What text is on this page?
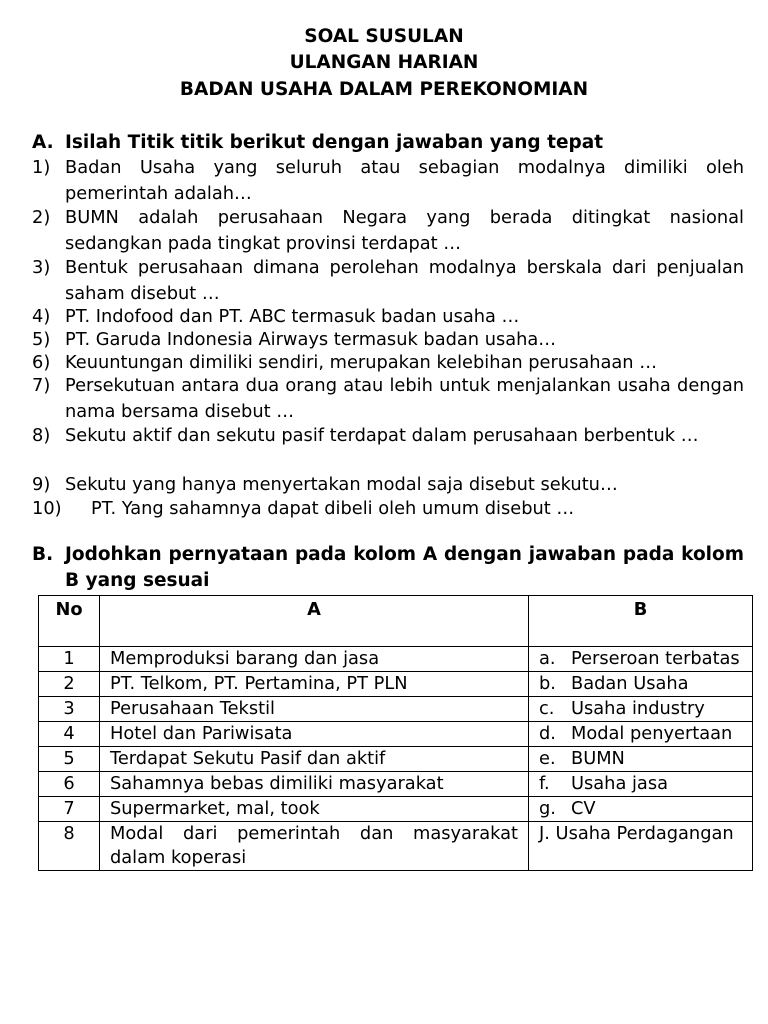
SOAL SUSULAN
ULANGAN HARIAN
BADAN USAHA DALAM PEREKONOMIAN
A. Isilah Titik titik berikut dengan jawaban yang tepat
1) Badan Usaha yang seluruh atau sebagian modalnya dimiliki oleh pemerintah adalah…
2) BUMN adalah perusahaan Negara yang berada ditingkat nasional sedangkan pada tingkat provinsi terdapat …
3) Bentuk perusahaan dimana perolehan modalnya berskala dari penjualan saham disebut …
4) PT. Indofood dan PT. ABC termasuk badan usaha …
5) PT. Garuda Indonesia Airways termasuk badan usaha…
6) Keuuntungan dimiliki sendiri, merupakan kelebihan perusahaan …
7) Persekutuan antara dua orang atau lebih untuk menjalankan usaha dengan nama bersama disebut …
8) Sekutu aktif dan sekutu pasif terdapat dalam perusahaan berbentuk …
9) Sekutu yang hanya menyertakan modal saja disebut sekutu…
10) PT. Yang sahamnya dapat dibeli oleh umum disebut …
B. Jodohkan pernyataan pada kolom A dengan jawaban pada kolom B yang sesuai
No	A	B
1	Memproduksi barang dan jasa	a. Perseroan terbatas
2	PT. Telkom, PT. Pertamina, PT PLN	b. Badan Usaha
3	Perusahaan Tekstil	c. Usaha industry
4	Hotel dan Pariwisata	d. Modal penyertaan
5	Terdapat Sekutu Pasif dan aktif	e. BUMN
6	Sahamnya bebas dimiliki masyarakat	f. Usaha jasa
7	Supermarket, mal, took	g. CV
8	Modal dari pemerintah dan masyarakat dalam koperasi	J. Usaha Perdagangan
